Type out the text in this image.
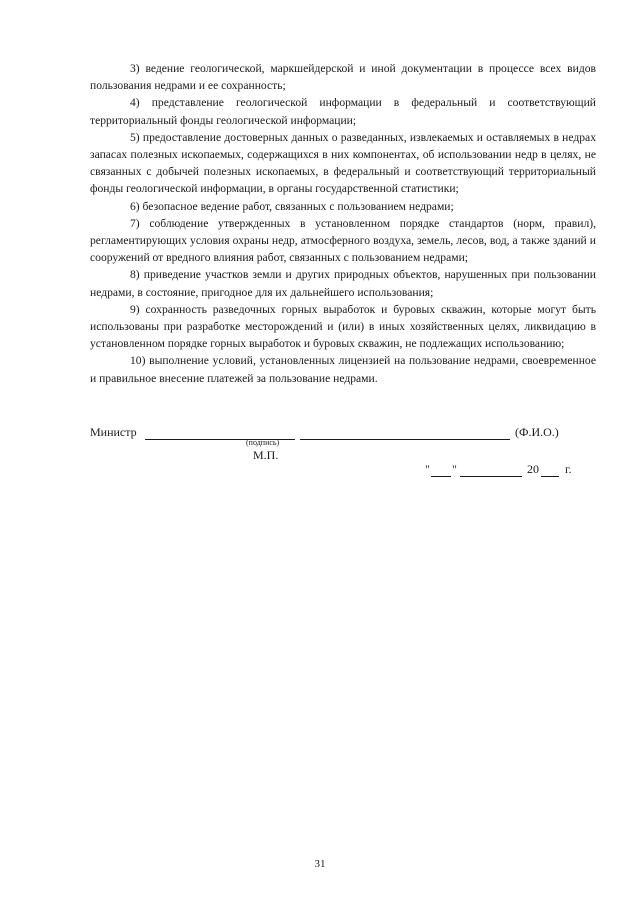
3) ведение геологической, маркшейдерской и иной документации в процессе всех видов пользования недрами и ее сохранность;

4) представление геологической информации в федеральный и соответствующий территориальный фонды геологической информации;

5) предоставление достоверных данных о разведанных, извлекаемых и оставляемых в недрах запасах полезных ископаемых, содержащихся в них компонентах, об использовании недр в целях, не связанных с добычей полезных ископаемых, в федеральный и соответствующий территориальный фонды геологической информации, в органы государственной статистики;

6) безопасное ведение работ, связанных с пользованием недрами;

7) соблюдение утвержденных в установленном порядке стандартов (норм, правил), регламентирующих условия охраны недр, атмосферного воздуха, земель, лесов, вод, а также зданий и сооружений от вредного влияния работ, связанных с пользованием недрами;

8) приведение участков земли и других природных объектов, нарушенных при пользовании недрами, в состояние, пригодное для их дальнейшего использования;

9) сохранность разведочных горных выработок и буровых скважин, которые могут быть использованы при разработке месторождений и (или) в иных хозяйственных целях, ликвидацию в установленном порядке горных выработок и буровых скважин, не подлежащих использованию;

10) выполнение условий, установленных лицензией на пользование недрами, своевременное и правильное внесение платежей за пользование недрами.

Министр	(Ф.И.О.)
(подпись)
М.П.
" "	20 г.
31
